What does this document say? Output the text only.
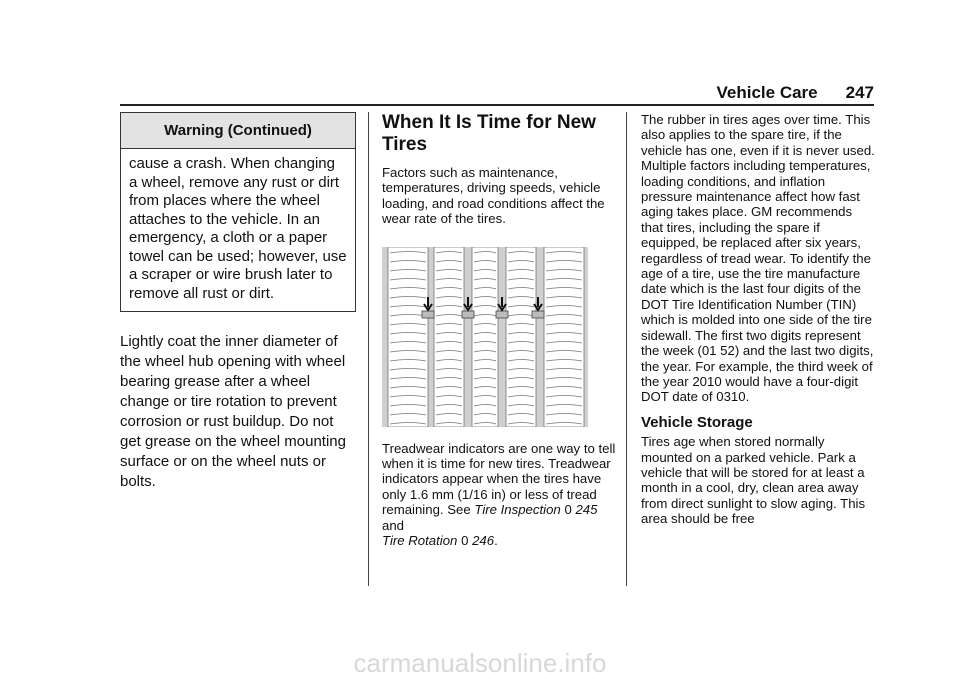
Vehicle Care 247
Warning (Continued)
cause a crash. When changing a wheel, remove any rust or dirt from places where the wheel attaches to the vehicle. In an emergency, a cloth or a paper towel can be used; however, use a scraper or wire brush later to remove all rust or dirt.
Lightly coat the inner diameter of the wheel hub opening with wheel bearing grease after a wheel change or tire rotation to prevent corrosion or rust buildup. Do not get grease on the wheel mounting surface or on the wheel nuts or bolts.
When It Is Time for New Tires
Factors such as maintenance, temperatures, driving speeds, vehicle loading, and road conditions affect the wear rate of the tires.
Treadwear indicators are one way to tell when it is time for new tires. Treadwear indicators appear when the tires have only 1.6 mm (1/16 in) or less of tread remaining. See Tire Inspection 0 245 and
Tire Rotation 0 246.
The rubber in tires ages over time. This also applies to the spare tire, if the vehicle has one, even if it is never used. Multiple factors including temperatures, loading conditions, and inflation pressure maintenance affect how fast aging takes place. GM recommends that tires, including the spare if equipped, be replaced after six years, regardless of tread wear. To identify the age of a tire, use the tire manufacture date which is the last four digits of the DOT Tire Identification Number (TIN) which is molded into one side of the tire sidewall. The first two digits represent the week (01 52) and the last two digits, the year. For example, the third week of the year 2010 would have a four-digit DOT date of 0310.
Vehicle Storage
Tires age when stored normally mounted on a parked vehicle. Park a vehicle that will be stored for at least a month in a cool, dry, clean area away from direct sunlight to slow aging. This area should be free
carmanualsonline.info
